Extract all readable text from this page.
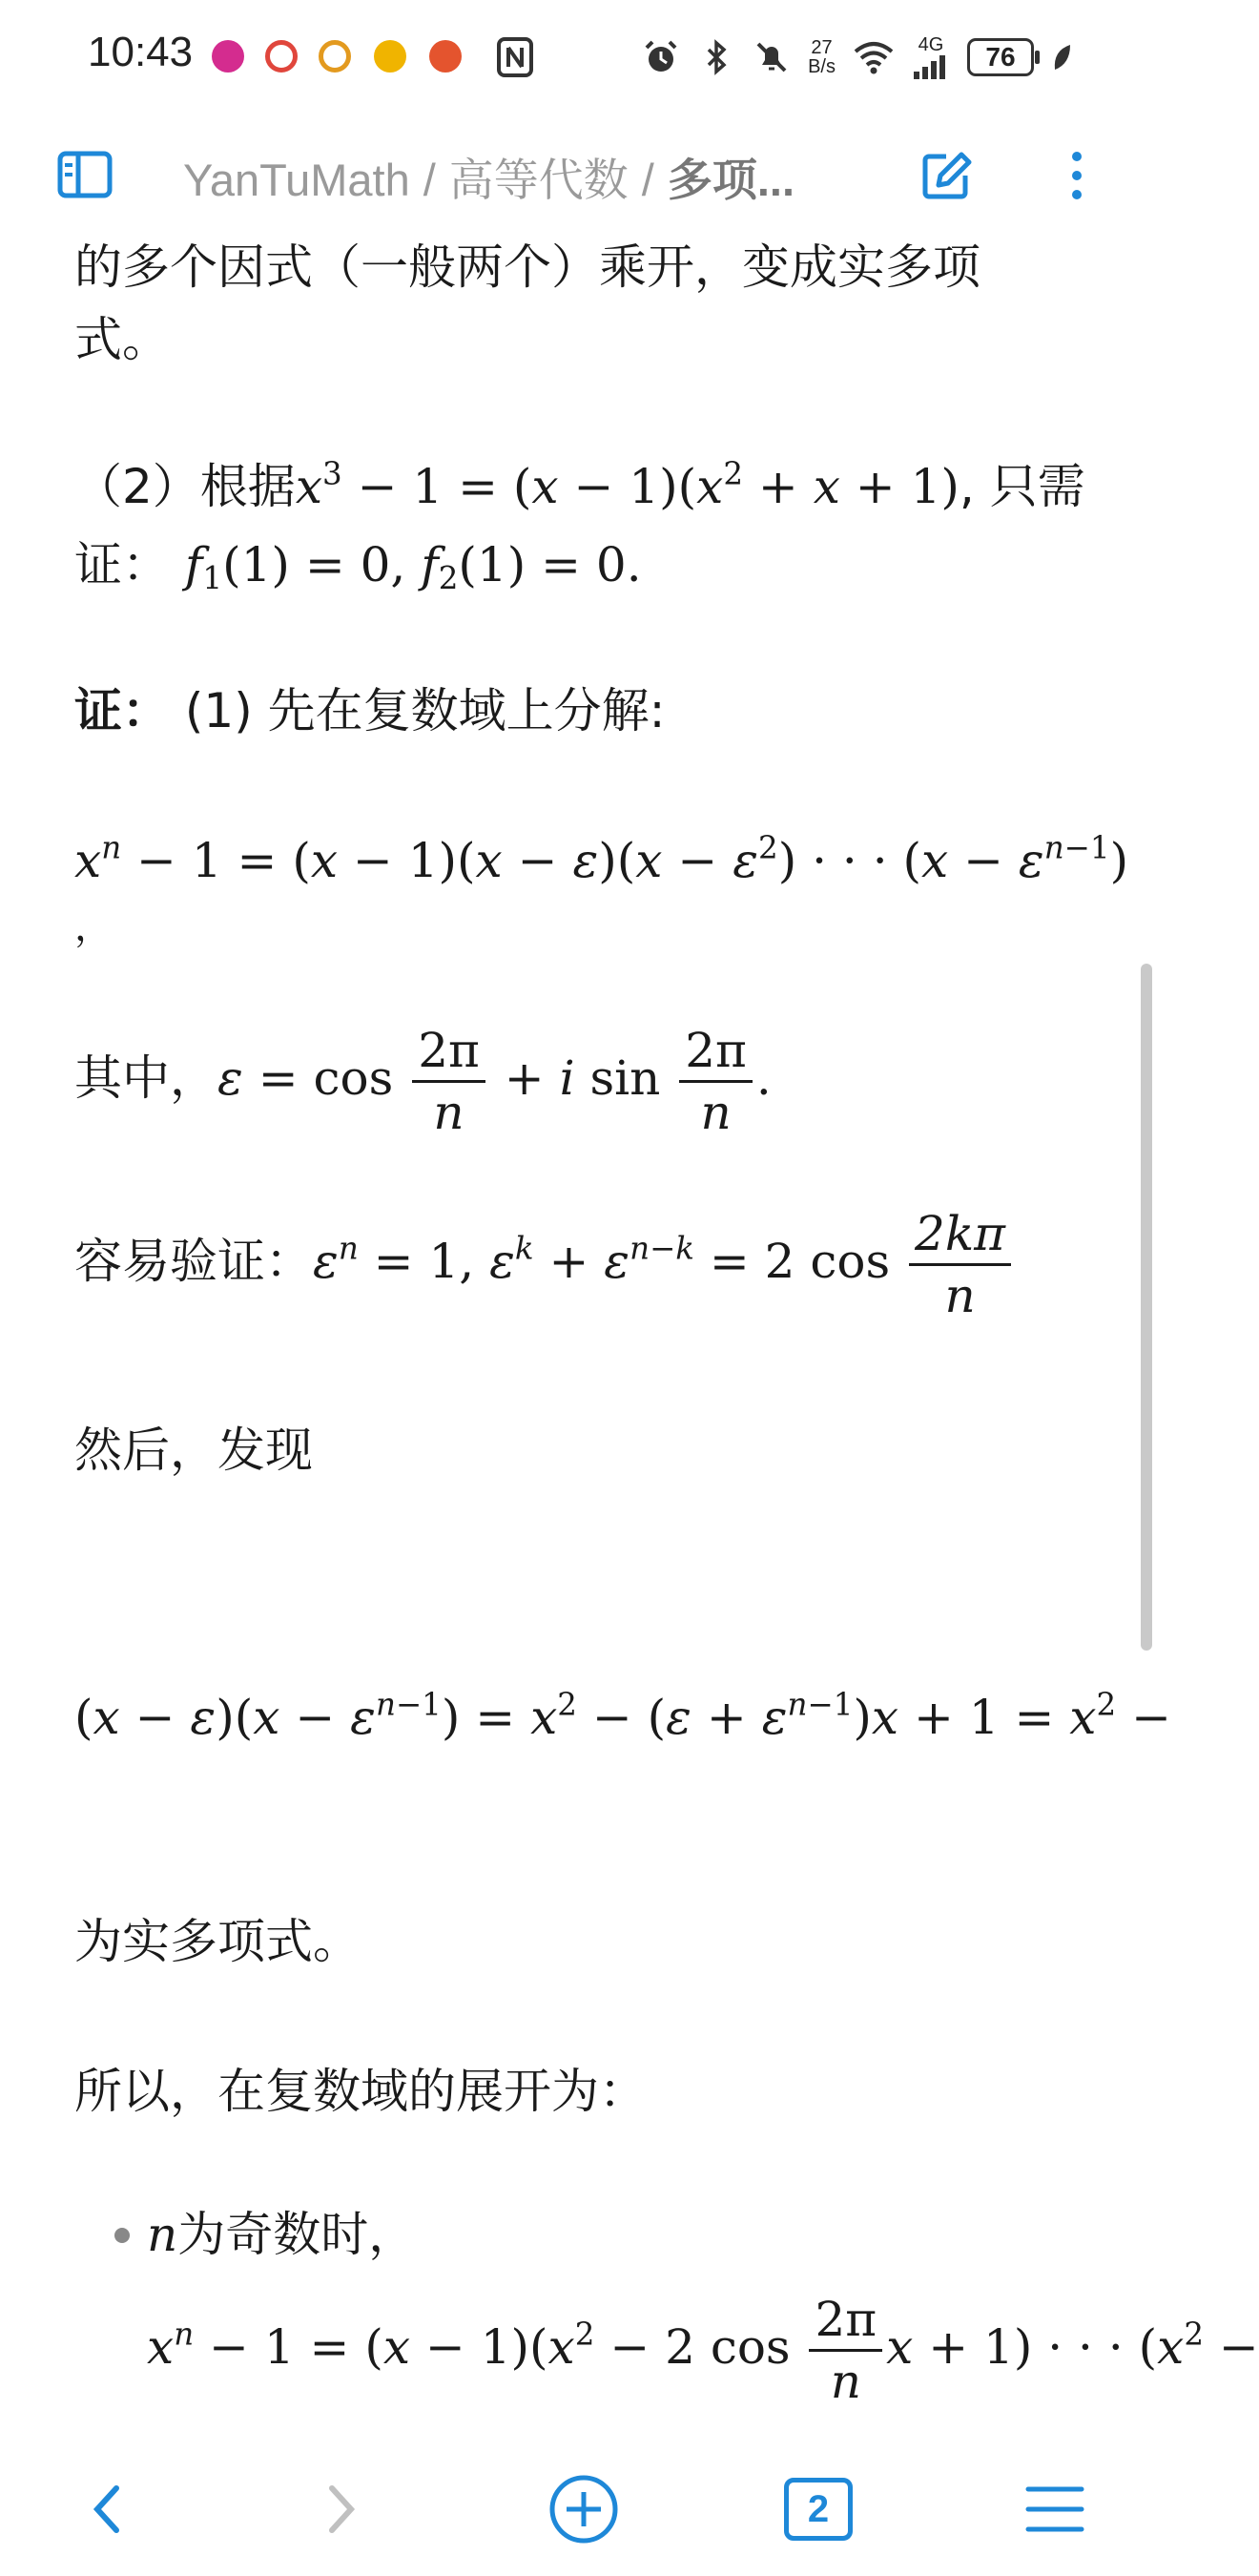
10:43	27
B/s
4G	76
YanTuMath / 高等代数 / 多项...
的多个因式（一般两个）乘开，变成实多项
式。
（2）根据$x^3 - 1 = (x - 1)(x^2 + x + 1)$, 只需
证： $f_1(1) = 0$, $f_2(1) = 0$.
证： (1) 先在复数域上分解:
$x^n - 1 = (x - 1)(x - \varepsilon)(x - \varepsilon^2)$ · · · $(x - \varepsilon^{n-1})$
，
其中，$\varepsilon = \cos \frac{2\pi}{n} + i$ $\sin \frac{2\pi}{n}$ .
容易验证：$\varepsilon^n = 1$, $\varepsilon^k + \varepsilon^{n-k} = 2$ $\cos \frac{2k\pi}{n}$
然后，发现
$(x - \varepsilon)(x - \varepsilon^{n-1}) = x^2 - (\varepsilon + \varepsilon^{n-1})x + 1 = x^2$ −
为实多项式。
所以，在复数域的展开为：
n为奇数时，
$x^n - 1 = (x - 1)(x^2 - 2$ $\cos \frac{2\pi}{n}$ x + 1) · · · ($x^2$ −
2
